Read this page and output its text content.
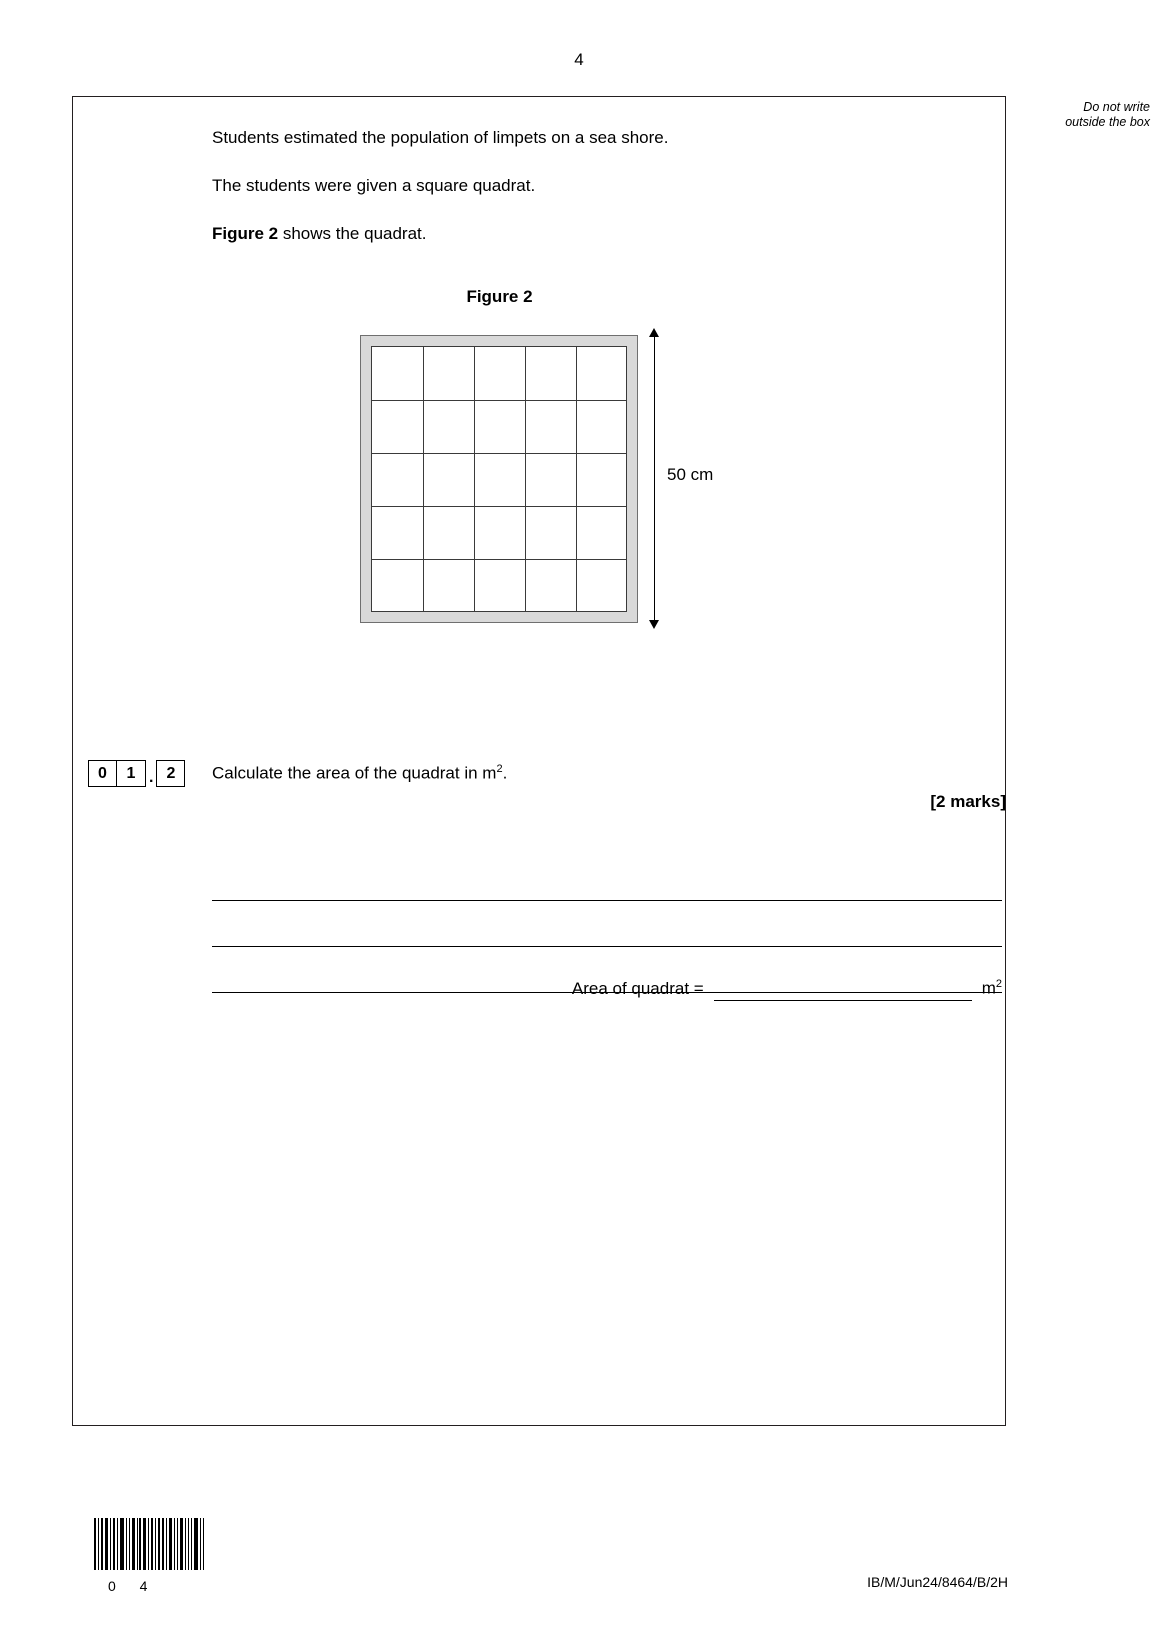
4
Do not write outside the box
Students estimated the population of limpets on a sea shore.
The students were given a square quadrat.
Figure 2 shows the quadrat.
Figure 2
50 cm
0	1 . 2	Calculate the area of the quadrat in $m^2$.
[2 marks]
Area of quadrat =	$m^2$
0 4	IB/M/Jun24/8464/B/2H
